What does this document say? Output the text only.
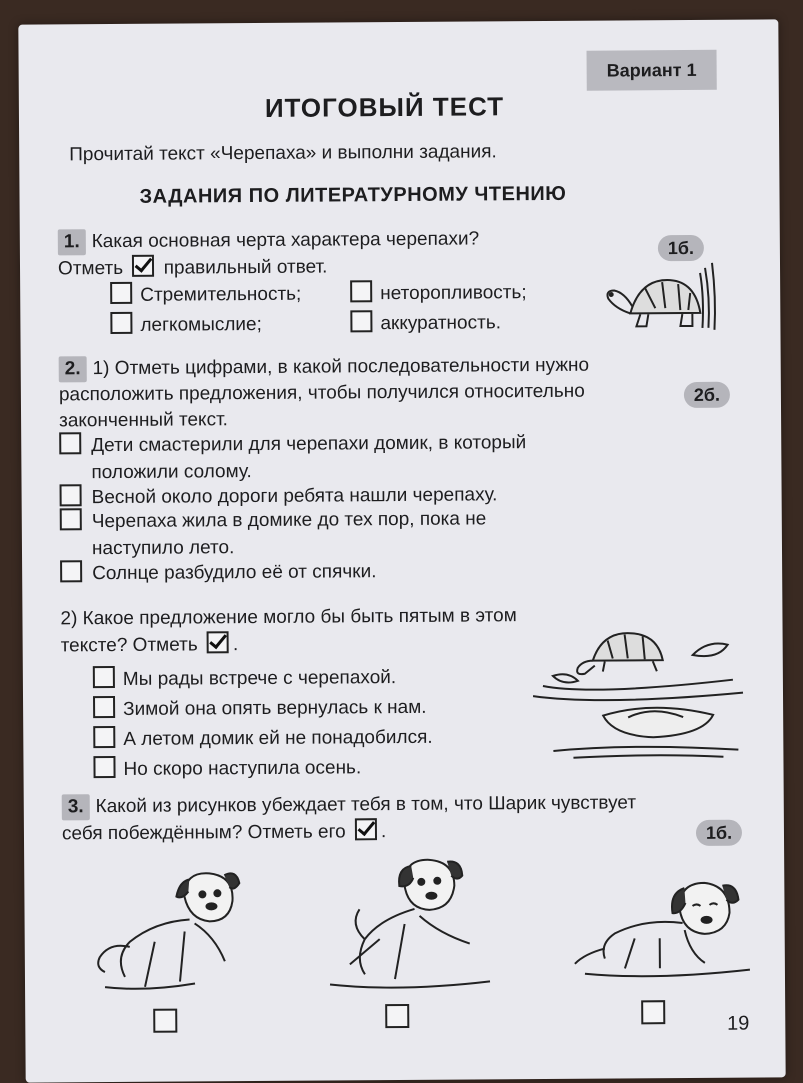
Вариант 1
ИТОГОВЫЙ ТЕСТ
Прочитай текст «Черепаха» и выполни задания.
ЗАДАНИЯ ПО ЛИТЕРАТУРНОМУ ЧТЕНИЮ
1. Какая основная черта характера черепахи?
Отметь правильный ответ.
1б.
Стремительность;	неторопливость;
легкомыслие;	аккуратность.
2. 1) Отметь цифрами, в какой последовательности нужно
расположить предложения, чтобы получился относительно
законченный текст.
2б.
Дети смастерили для черепахи домик, в который
положили солому.
Весной около дороги ребята нашли черепаху.
Черепаха жила в домике до тех пор, пока не
наступило лето.
Солнце разбудило её от спячки.
2) Какое предложение могло бы быть пятым в этом
тексте? Отметь .
Мы рады встрече с черепахой.
Зимой она опять вернулась к нам.
А летом домик ей не понадобился.
Но скоро наступила осень.
3. Какой из рисунков убеждает тебя в том, что Шарик чувствует
себя побеждённым? Отметь его .	1б.
19
